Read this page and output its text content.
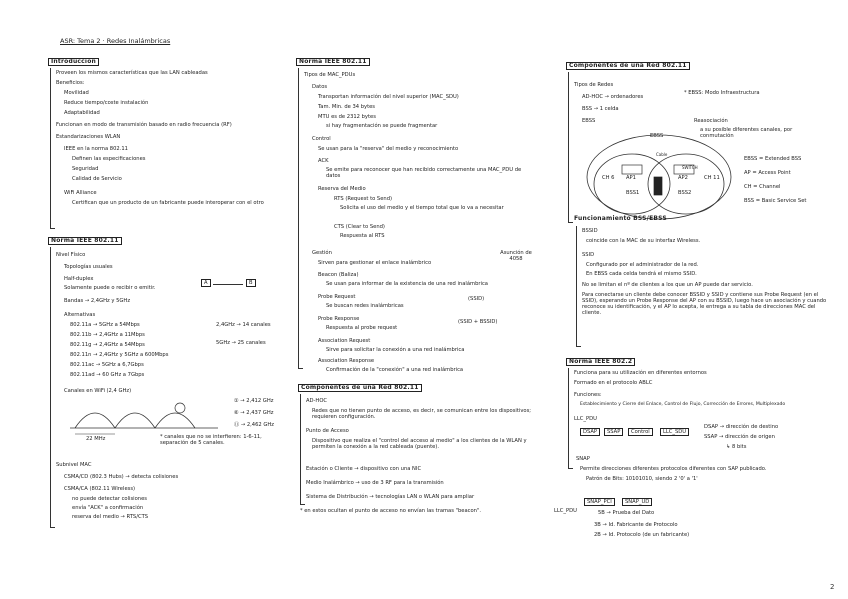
ASR: Tema 2 · Redes Inalámbricas
Introducción
Proveen los mismos características que las LAN cableadas
Beneficios:
Movilidad
Reduce tiempo/coste instalación
Adaptabilidad
Funcionan en modo de transmisión basado en radio frecuencia (RF)
Estandarizaciones WLAN
IEEE en la norma 802.11
Definen las especificaciones
Seguridad
Calidad de Servicio
WiFi Alliance
Certifican que un producto de un fabricante puede interoperar con el otro
Norma IEEE 802.11
Nivel Físico
Topologías usuales
Half-duplex
Solamente puede o recibir o emitir.
A	B
Bandas → 2,4GHz y 5GHz
Alternativas
802.11a → 5GHz a 54Mbps
802.11b → 2,4GHz a 11Mbps
802.11g → 2,4GHz a 54Mbps
802.11n → 2,4GHz y 5GHz a 600Mbps
802.11ac → 5GHz a 6,7Gbps
802.11ad → 60 GHz a 7Gbps
2,4GHz → 14 canales
5GHz → 25 canales
Canales en WiFi (2,4 GHz)
22 MHz
① → 2,412 GHz
⑥ → 2,437 GHz
⑪ → 2,462 GHz
* canales que no se interfieren: 1-6-11, separación de 5 canales.
Subnivel MAC
CSMA/CD (802.3 Hubs) → detecta colisiones
CSMA/CA (802.11 Wireless)
no puede detectar colisiones
envía "ACK" a confirmación
reserva del medio → RTS/CTS
Norma IEEE 802.11
Tipos de MAC_PDUs
Datos
Transportan información del nivel superior (MAC_SDU)
Tam. Min. de 34 bytes
MTU es de 2312 bytes
si hay fragmentación se puede fragmentar
Control
Se usan para la "reserva" del medio y reconocimiento
ACK
Se emite para reconocer que han recibido correctamente una MAC_PDU de datos
Reserva del Medio
RTS (Request to Send)
Solicita el uso del medio y el tiempo total que lo va a necesitar
CTS (Clear to Send)
Respuesta al RTS
Gestión	Asunción de 4058
Sirven para gestionar el enlace inalámbrico
Beacon (Baliza)
Se usan para informar de la existencia de una red inalámbrica
Probe Request
Se buscan redes inalámbricas
(SSID)
Probe Response
Respuesta al probe request
(SSID + BSSID)
Association Request
Sirve para solicitar la conexión a una red inalámbrica
Association Response
Confirmación de la "conexión" a una red inalámbrica
Componentes de una Red 802.11
AD-HOC
Redes que no tienen punto de acceso, es decir, se comunican entre los dispositivos; requieren configuración.
Punto de Acceso
Dispositivo que realiza el "control del acceso al medio" a los clientes de la WLAN y permiten la conexión a la red cableada (puente).
Estación o Cliente → dispositivo con una NIC
Medio Inalámbrico → uso de 3 RF para la transmisión
Sistema de Distribución → tecnologías LAN o WLAN para ampliar
* en estos ocultan el punto de acceso no envían las tramas "beacon".
Componentes de una Red 802.11
Tipos de Redes
AD-HOC → ordenadores
BSS → 1 celda
EBSS
* EBSS: Modo Infraestructura
Reasociación
a su posible diferentes canales, por conmutación
EBSS
SWITCH
AP1	AP2
CH 6	CH 11
BSS1	BSS2
Cable
EBSS = Extended BSS
AP = Access Point
CH = Channel
BSS = Basic Service Set
Funcionamiento BSS/EBSS
BSSID
coincide con la MAC de su interfaz Wireless.
SSID
Configurado por el administrador de la red.
En EBSS cada celda tendrá el mismo SSID.
No se limitan el nº de clientes a los que un AP puede dar servicio.
Para conectarse un cliente debe conocer BSSID y SSID y contiene sus Probe Request (en el SSID), esperando un Probe Response del AP con su BSSID, luego hace un asociación y cuando reconoce su identificación, y el AP lo acepta, le entrega a su tabla de direcciones MAC del cliente.
Norma IEEE 802.2
Funciona para su utilización en diferentes entornos
Formado en el protocolo ABLC
Funciones:
Establecimiento y Cierre del Enlace, Control de Flujo, Corrección de Errores, Multiplexado
LLC_PDU
DSAP	SSAP	Control	LLC_SDU
DSAP → dirección de destino
SSAP → dirección de origen
↳ 8 bits
SNAP
Permite direcciones diferentes protocolos diferentes con SAP publicado.
Patrón de Bits: 10101010, siendo 2 '0' a '1'
SNAP_PCI	SNAP_UD
LLC_PDU	5B → Prueba del Dato
3B → Id. Fabricante de Protocolo
2B → Id. Protocolo (de un fabricante)
2
